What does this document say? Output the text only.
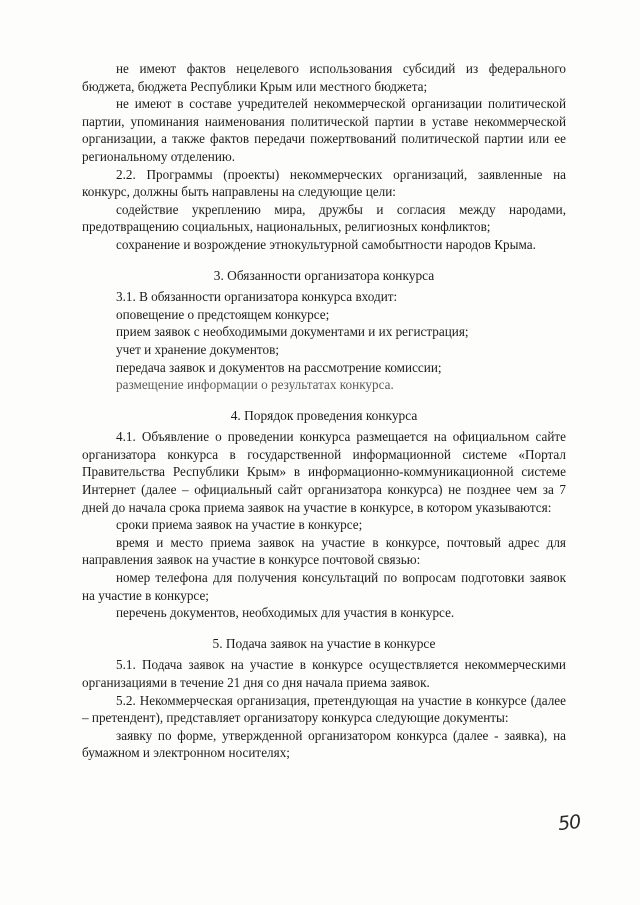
не имеют фактов нецелевого использования субсидий из федерального бюджета, бюджета Республики Крым или местного бюджета;

не имеют в составе учредителей некоммерческой организации политической партии, упоминания наименования политической партии в уставе некоммерческой организации, а также фактов передачи пожертвований политической партии или ее региональному отделению.

2.2. Программы (проекты) некоммерческих организаций, заявленные на конкурс, должны быть направлены на следующие цели:

содействие укреплению мира, дружбы и согласия между народами, предотвращению социальных, национальных, религиозных конфликтов;

сохранение и возрождение этнокультурной самобытности народов Крыма.

3. Обязанности организатора конкурса

3.1. В обязанности организатора конкурса входит:

оповещение о предстоящем конкурсе;

прием заявок с необходимыми документами и их регистрация;

учет и хранение документов;

передача заявок и документов на рассмотрение комиссии;

размещение информации о результатах конкурса.

4. Порядок проведения конкурса

4.1. Объявление о проведении конкурса размещается на официальном сайте организатора конкурса в государственной информационной системе «Портал Правительства Республики Крым» в информационно-коммуникационной системе Интернет (далее – официальный сайт организатора конкурса) не позднее чем за 7 дней до начала срока приема заявок на участие в конкурсе, в котором указываются:

сроки приема заявок на участие в конкурсе;

время и место приема заявок на участие в конкурсе, почтовый адрес для направления заявок на участие в конкурсе почтовой связью:

номер телефона для получения консультаций по вопросам подготовки заявок на участие в конкурсе;

перечень документов, необходимых для участия в конкурсе.

5. Подача заявок на участие в конкурсе

5.1. Подача заявок на участие в конкурсе осуществляется некоммерческими организациями в течение 21 дня со дня начала приема заявок.

5.2. Некоммерческая организация, претендующая на участие в конкурсе (далее – претендент), представляет организатору конкурса следующие документы:

заявку по форме, утвержденной организатором конкурса (далее - заявка), на бумажном и электронном носителях;

50
